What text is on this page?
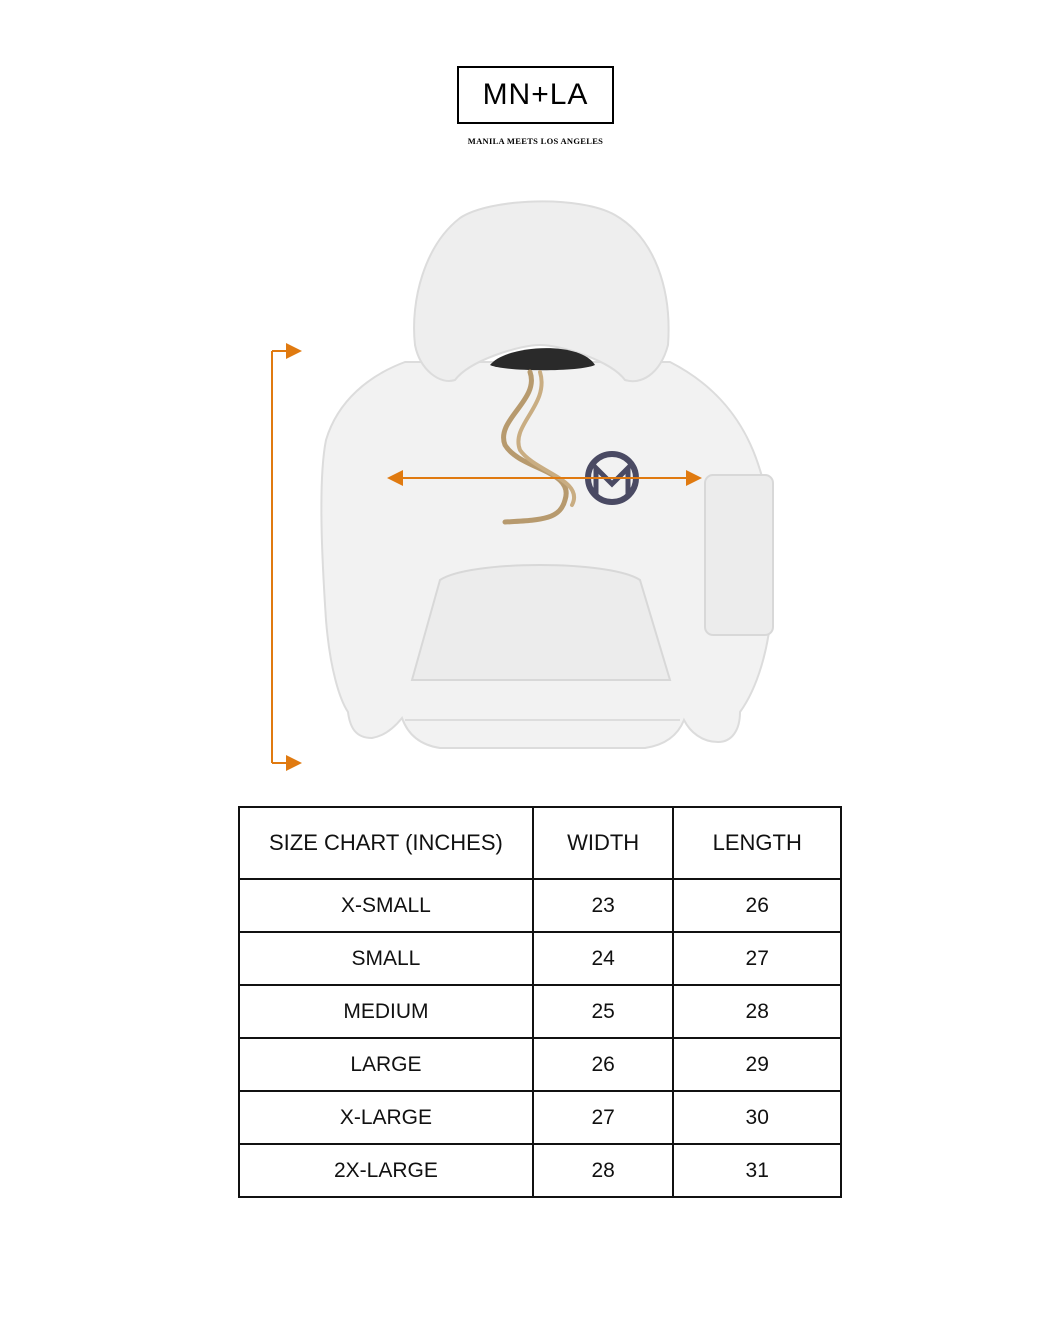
MN+LA
MANILA MEETS LOS ANGELES
SIZE CHART (INCHES)	WIDTH	LENGTH
X-SMALL	23	26
SMALL	24	27
MEDIUM	25	28
LARGE	26	29
X-LARGE	27	30
2X-LARGE	28	31
